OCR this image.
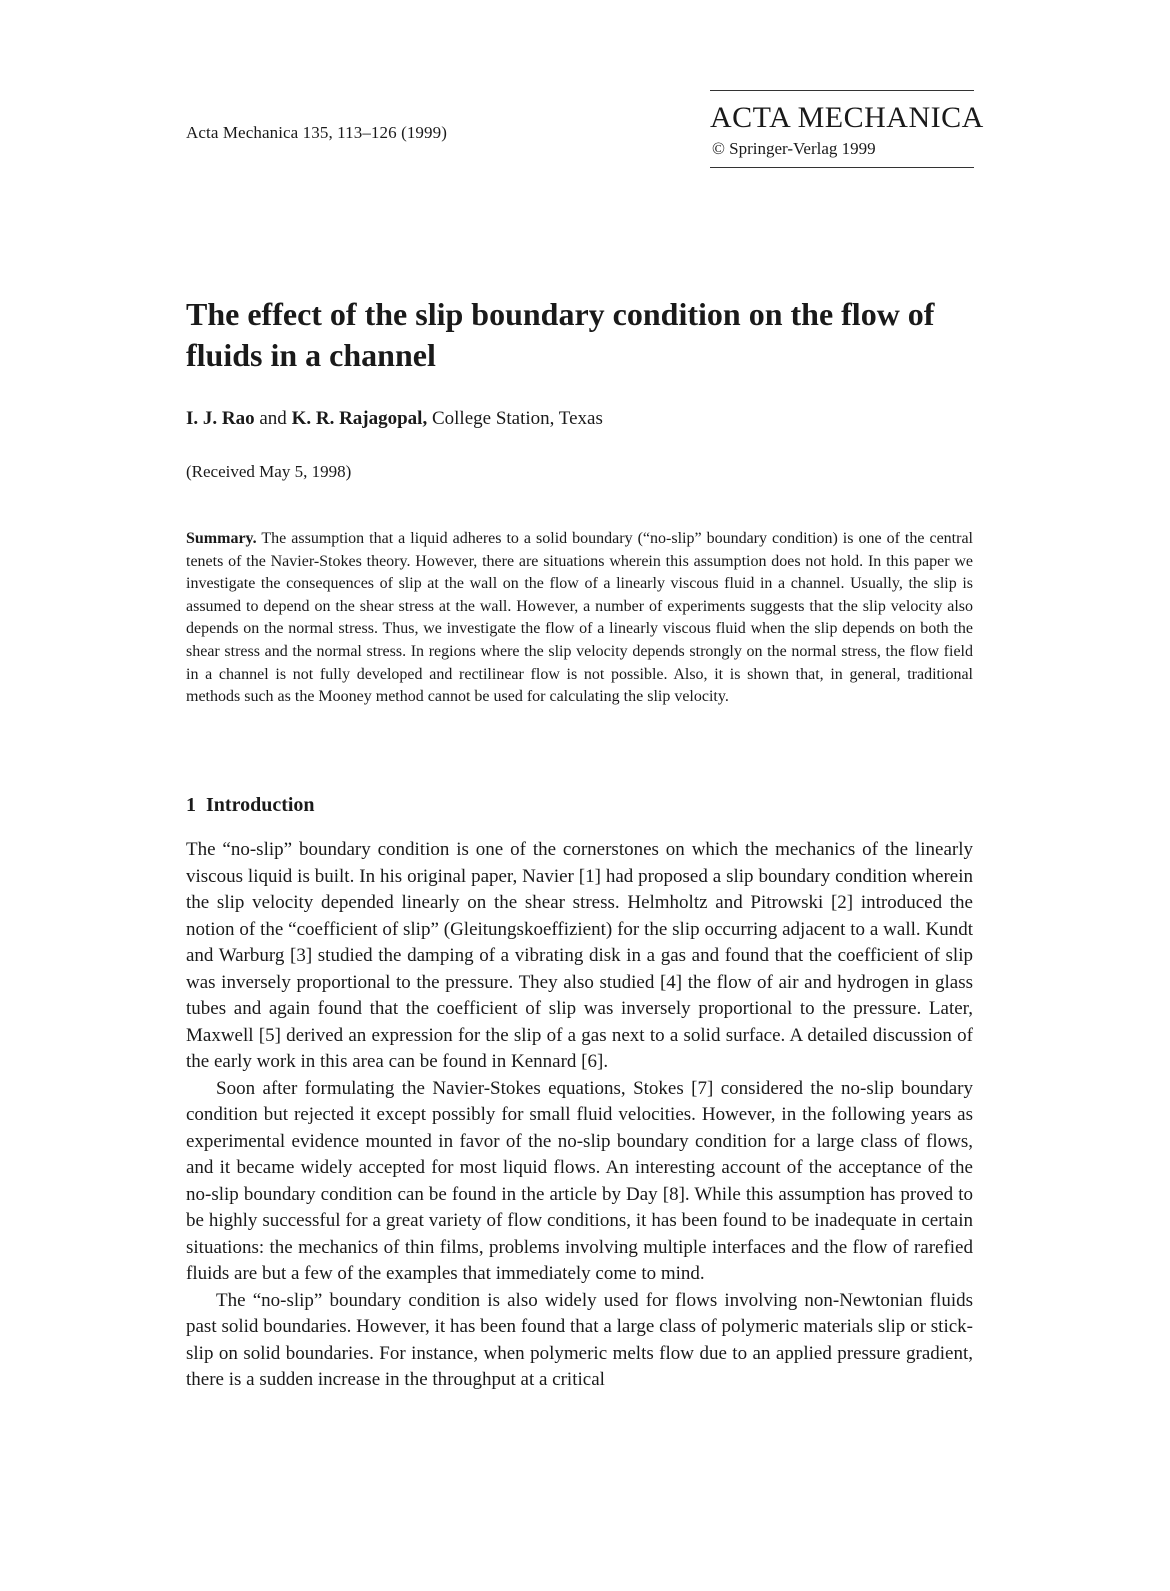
Acta Mechanica 135, 113–126 (1999)	ACTA MECHANICA
© Springer-Verlag 1999
The effect of the slip boundary condition on the flow of fluids in a channel
I. J. Rao and K. R. Rajagopal, College Station, Texas
(Received May 5, 1998)

Summary. The assumption that a liquid adheres to a solid boundary (“no-slip” boundary condition) is one of the central tenets of the Navier-Stokes theory. However, there are situations wherein this assumption does not hold. In this paper we investigate the consequences of slip at the wall on the flow of a linearly viscous fluid in a channel. Usually, the slip is assumed to depend on the shear stress at the wall. However, a number of experiments suggests that the slip velocity also depends on the normal stress. Thus, we investigate the flow of a linearly viscous fluid when the slip depends on both the shear stress and the normal stress. In regions where the slip velocity depends strongly on the normal stress, the flow field in a channel is not fully developed and rectilinear flow is not possible. Also, it is shown that, in general, traditional methods such as the Mooney method cannot be used for calculating the slip velocity.

1 Introduction

The “no-slip” boundary condition is one of the cornerstones on which the mechanics of the linearly viscous liquid is built. In his original paper, Navier [1] had proposed a slip boundary condition wherein the slip velocity depended linearly on the shear stress. Helmholtz and Pitrowski [2] introduced the notion of the “coefficient of slip” (Gleitungskoeffizient) for the slip occurring adjacent to a wall. Kundt and Warburg [3] studied the damping of a vibrating disk in a gas and found that the coefficient of slip was inversely proportional to the pressure. They also studied [4] the flow of air and hydrogen in glass tubes and again found that the coefficient of slip was inversely proportional to the pressure. Later, Maxwell [5] derived an expression for the slip of a gas next to a solid surface. A detailed discussion of the early work in this area can be found in Kennard [6].

Soon after formulating the Navier-Stokes equations, Stokes [7] considered the no-slip boundary condition but rejected it except possibly for small fluid velocities. However, in the following years as experimental evidence mounted in favor of the no-slip boundary condition for a large class of flows, and it became widely accepted for most liquid flows. An interesting account of the acceptance of the no-slip boundary condition can be found in the article by Day [8]. While this assumption has proved to be highly successful for a great variety of flow conditions, it has been found to be inadequate in certain situations: the mechanics of thin films, problems involving multiple interfaces and the flow of rarefied fluids are but a few of the examples that immediately come to mind.

The “no-slip” boundary condition is also widely used for flows involving non-Newtonian fluids past solid boundaries. However, it has been found that a large class of polymeric materials slip or stick-slip on solid boundaries. For instance, when polymeric melts flow due to an applied pressure gradient, there is a sudden increase in the throughput at a critical
